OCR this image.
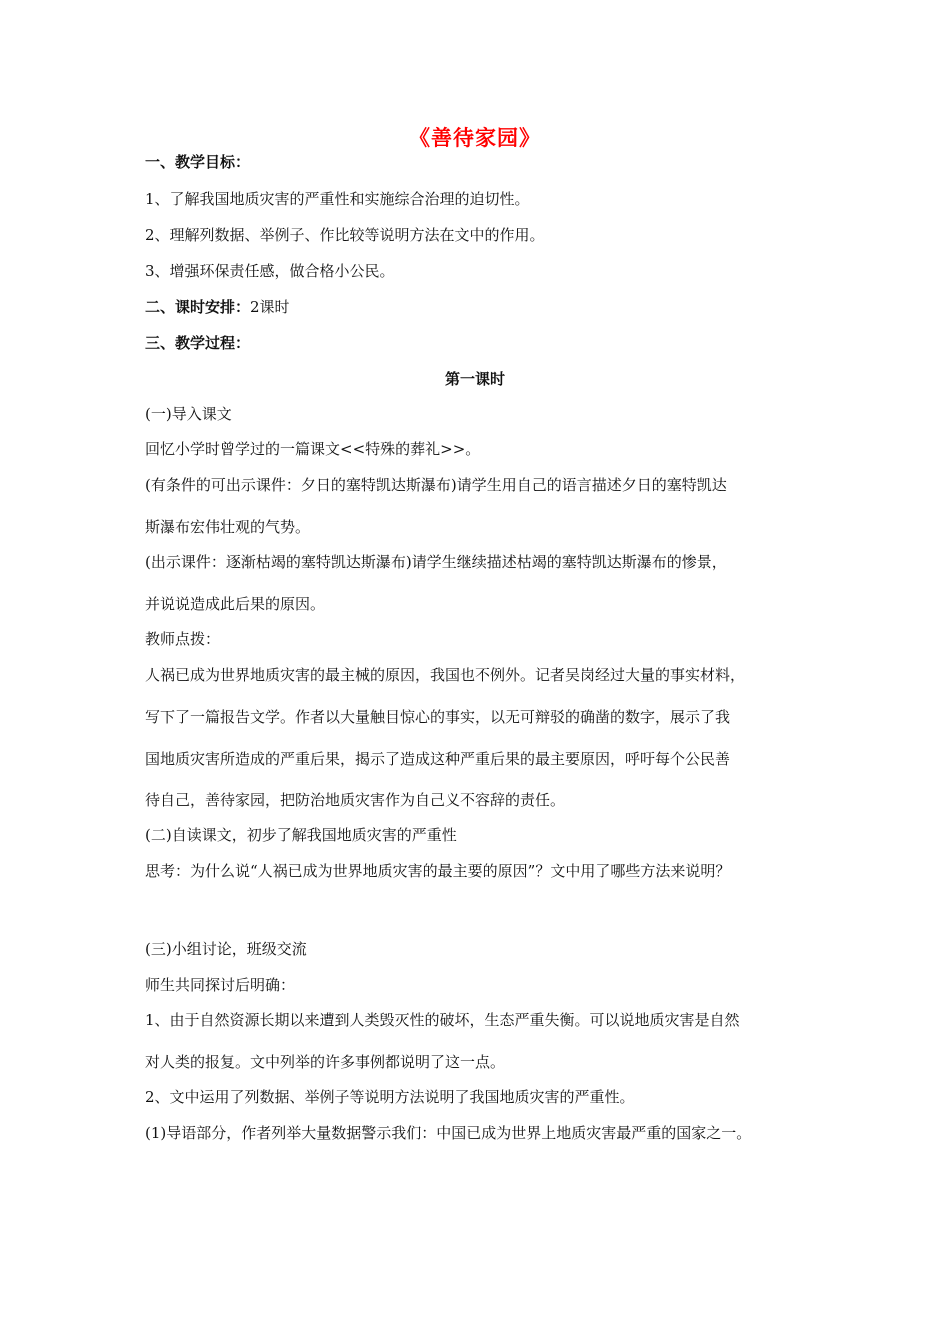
《善待家园》
一、教学目标：
1、了解我国地质灾害的严重性和实施综合治理的迫切性。
2、理解列数据、举例子、作比较等说明方法在文中的作用。
3、增强环保责任感，做合格小公民。
二、课时安排：2课时
三、教学过程：
第一课时
(一)导入课文
回忆小学时曾学过的一篇课文<<特殊的葬礼>>。
(有条件的可出示课件：夕日的塞特凯达斯瀑布)请学生用自己的语言描述夕日的塞特凯达
斯瀑布宏伟壮观的气势。
(出示课件：逐渐枯竭的塞特凯达斯瀑布)请学生继续描述枯竭的塞特凯达斯瀑布的惨景，
并说说造成此后果的原因。
教师点拨：
人祸已成为世界地质灾害的最主械的原因，我国也不例外。记者吴岗经过大量的事实材料，
写下了一篇报告文学。作者以大量触目惊心的事实，以无可辩驳的确凿的数字，展示了我
国地质灾害所造成的严重后果，揭示了造成这种严重后果的最主要原因，呼吁每个公民善
待自己，善待家园，把防治地质灾害作为自己义不容辞的责任。
(二)自读课文，初步了解我国地质灾害的严重性
思考：为什么说“人祸已成为世界地质灾害的最主要的原因”？文中用了哪些方法来说明？
(三)小组讨论，班级交流
师生共同探讨后明确：
1、由于自然资源长期以来遭到人类毁灭性的破坏，生态严重失衡。可以说地质灾害是自然
对人类的报复。文中列举的许多事例都说明了这一点。
2、文中运用了列数据、举例子等说明方法说明了我国地质灾害的严重性。
(1)导语部分，作者列举大量数据警示我们：中国已成为世界上地质灾害最严重的国家之一。
